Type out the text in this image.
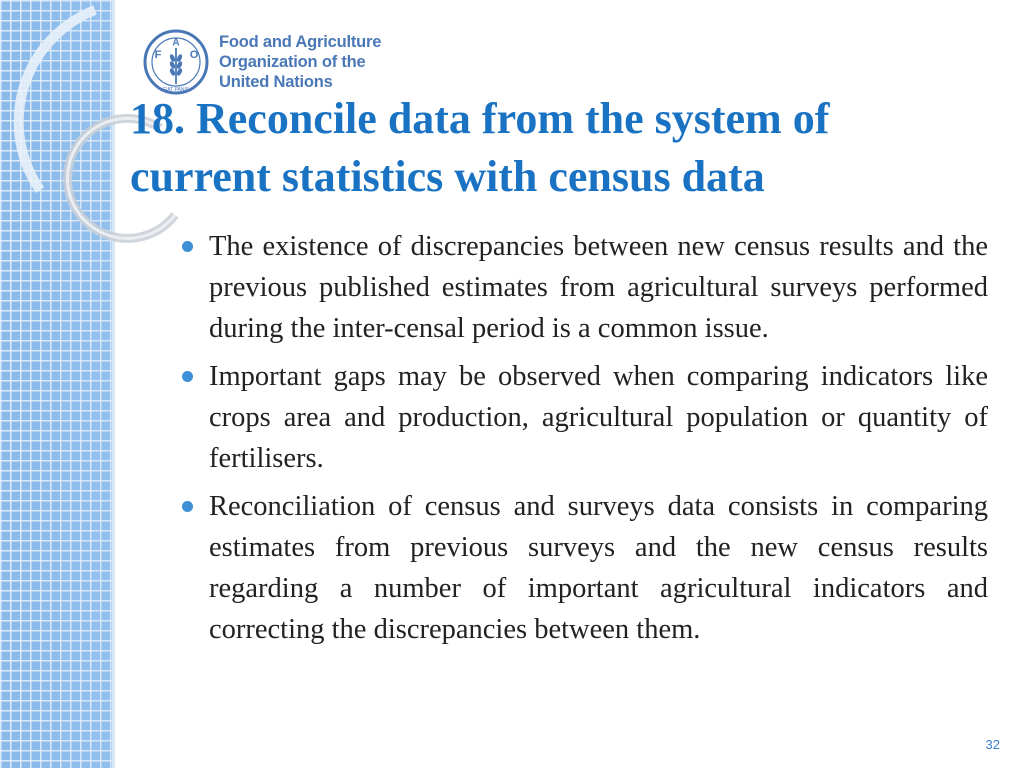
F
A
O
FIAT PANIS
Food and Agriculture
Organization of the
United Nations
18. Reconcile data from the system of
current statistics with census data
The existence of discrepancies between new census results and the previous published estimates from agricultural surveys performed during the inter-censal period is a common issue.
Important gaps may be observed when comparing indicators like crops area and production, agricultural population or quantity of fertilisers.
Reconciliation of census and surveys data consists in comparing estimates from previous surveys and the new census results regarding a number of important agricultural indicators and correcting the discrepancies between them.
32
